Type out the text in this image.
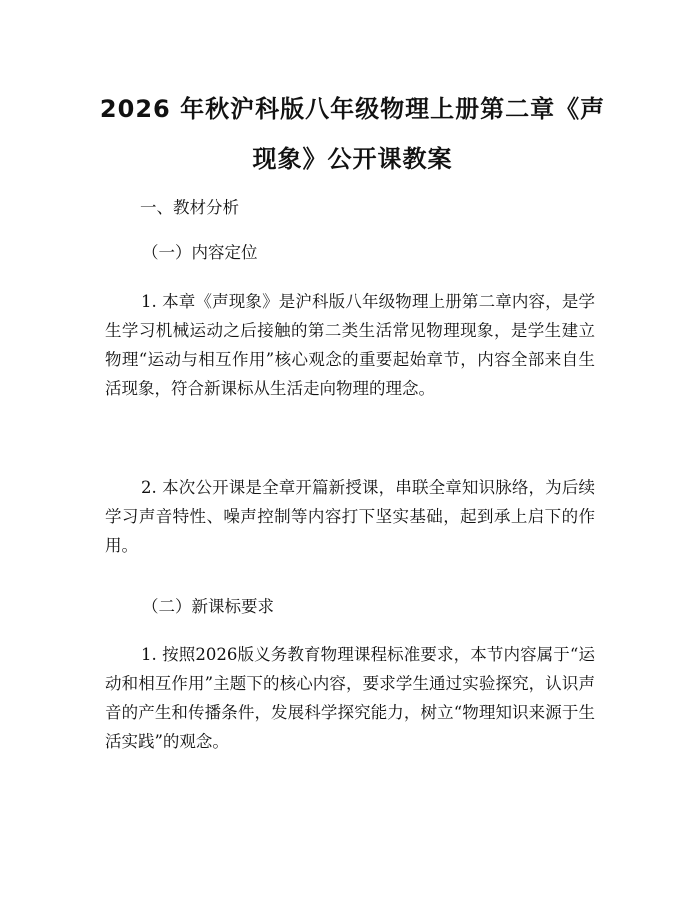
2026 年秋沪科版八年级物理上册第二章《声
现象》公开课教案

一、教材分析

（一）内容定位

1. 本章《声现象》是沪科版八年级物理上册第二章内容，是学生学习机械运动之后接触的第二类生活常见物理现象，是学生建立物理“运动与相互作用”核心观念的重要起始章节，内容全部来自生活现象，符合新课标从生活走向物理的理念。

2. 本次公开课是全章开篇新授课，串联全章知识脉络，为后续学习声音特性、噪声控制等内容打下坚实基础，起到承上启下的作用。

（二）新课标要求

1. 按照2026版义务教育物理课程标准要求，本节内容属于“运动和相互作用”主题下的核心内容，要求学生通过实验探究，认识声音的产生和传播条件，发展科学探究能力，树立“物理知识来源于生活实践”的观念。
